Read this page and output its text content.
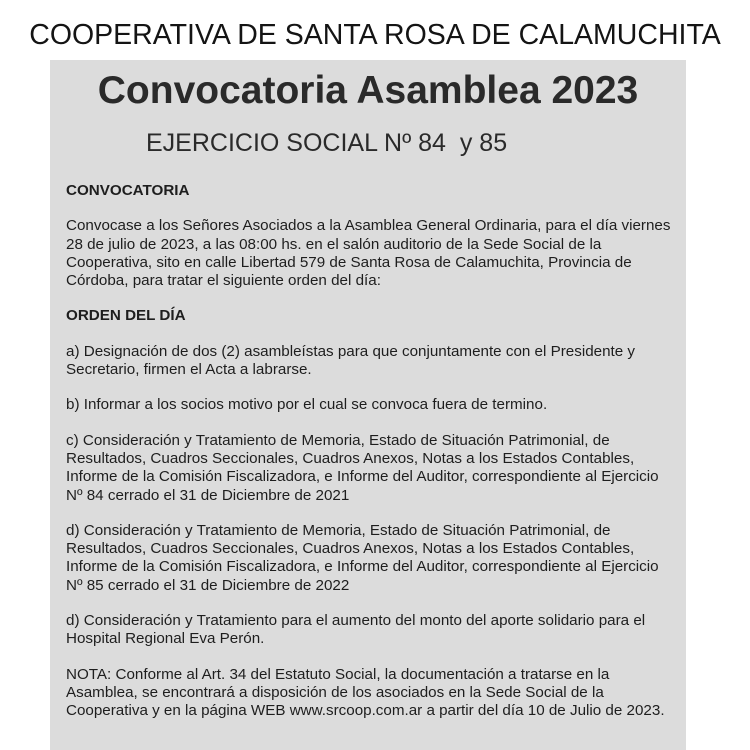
COOPERATIVA DE SANTA ROSA DE CALAMUCHITA
Convocatoria Asamblea 2023
EJERCICIO SOCIAL Nº 84  y 85

CONVOCATORIA

Convocase a los Señores Asociados a la Asamblea General Ordinaria, para el día viernes 28 de julio de 2023, a las 08:00 hs. en el salón auditorio de la Sede Social de la Cooperativa, sito en calle Libertad 579 de Santa Rosa de Calamuchita, Provincia de Córdoba, para tratar el siguiente orden del día:

ORDEN DEL DÍA

a) Designación de dos (2) asambleístas para que conjuntamente con el Presidente y Secretario, firmen el Acta a labrarse.

b) Informar a los socios motivo por el cual se convoca fuera de termino.

c) Consideración y Tratamiento de Memoria, Estado de Situación Patrimonial, de Resultados, Cuadros Seccionales, Cuadros Anexos, Notas a los Estados Contables, Informe de la Comisión Fiscalizadora, e Informe del Auditor, correspondiente al Ejercicio Nº 84 cerrado el 31 de Diciembre de 2021

d) Consideración y Tratamiento de Memoria, Estado de Situación Patrimonial, de Resultados, Cuadros Seccionales, Cuadros Anexos, Notas a los Estados Contables, Informe de la Comisión Fiscalizadora, e Informe del Auditor, correspondiente al Ejercicio Nº 85 cerrado el 31 de Diciembre de 2022

d) Consideración y Tratamiento para el aumento del monto del aporte solidario para el Hospital Regional Eva Perón.

NOTA: Conforme al Art. 34 del Estatuto Social, la documentación a tratarse en la Asamblea, se encontrará a disposición de los asociados en la Sede Social de la Cooperativa y en la página WEB www.srcoop.com.ar a partir del día 10 de Julio de 2023.
